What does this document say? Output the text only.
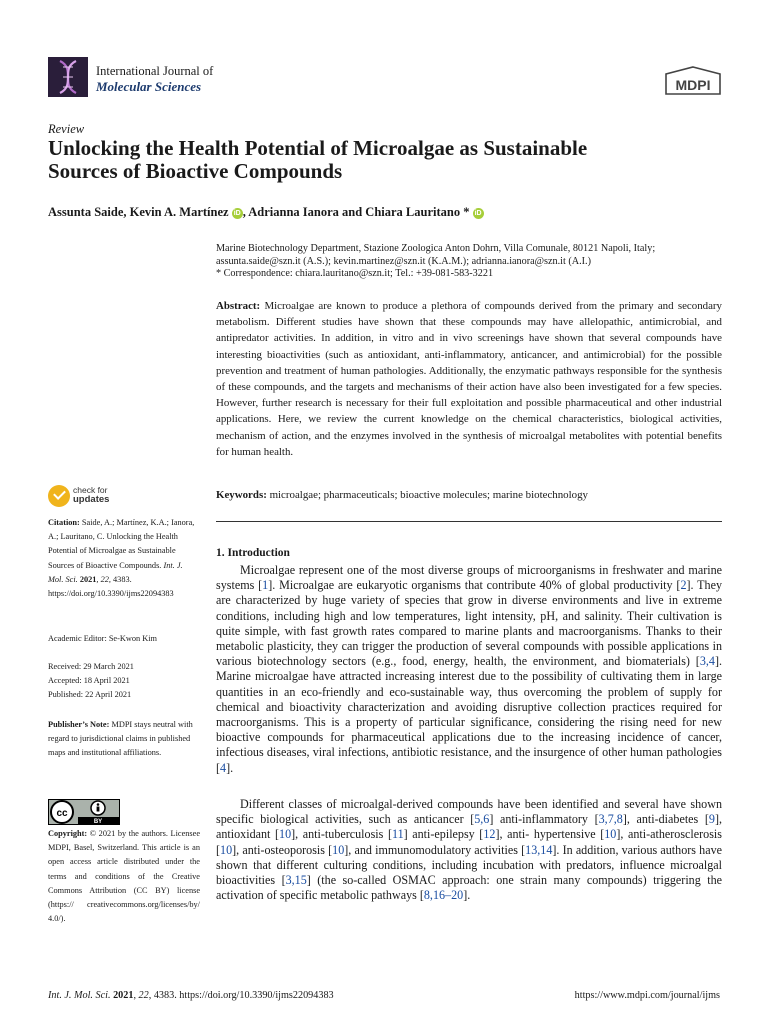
International Journal of
Molecular Sciences	MDPI
Review
Unlocking the Health Potential of Microalgae as Sustainable
Sources of Bioactive Compounds
Assunta Saide, Kevin A. Martínez iD , Adrianna Ianora and Chiara Lauritano * iD
Marine Biotechnology Department, Stazione Zoologica Anton Dohrn, Villa Comunale, 80121 Napoli, Italy;
assunta.saide@szn.it (A.S.); kevin.martinez@szn.it (K.A.M.); adrianna.ianora@szn.it (A.I.)
* Correspondence: chiara.lauritano@szn.it; Tel.: +39-081-583-3221
Abstract: Microalgae are known to produce a plethora of compounds derived from the primary and secondary metabolism. Different studies have shown that these compounds may have allelopathic, antimicrobial, and antipredator activities. In addition, in vitro and in vivo screenings have shown that several compounds have interesting bioactivities (such as antioxidant, anti-inflammatory, anticancer, and antimicrobial) for the possible prevention and treatment of human pathologies. Additionally, the enzymatic pathways responsible for the synthesis of these compounds, and the targets and mechanisms of their action have also been investigated for a few species. However, further research is necessary for their full exploitation and possible pharmaceutical and other industrial applications. Here, we review the current knowledge on the chemical characteristics, biological activities, mechanism of action, and the enzymes involved in the synthesis of microalgal metabolites with potential benefits for human health.
Keywords: microalgae; pharmaceuticals; bioactive molecules; marine biotechnology
check for
updates
Citation: Saide, A.; Martínez, K.A.; Ianora, A.; Lauritano, C. Unlocking the Health Potential of Microalgae as Sustainable Sources of Bioactive Compounds. Int. J. Mol. Sci. 2021, 22, 4383. https://doi.org/10.3390/ijms22094383
Academic Editor: Se-Kwon Kim
Received: 29 March 2021
Accepted: 18 April 2021
Published: 22 April 2021
Publisher’s Note: MDPI stays neutral with regard to jurisdictional claims in published maps and institutional affiliations.
cc
BY
Copyright: © 2021 by the authors. Licensee MDPI, Basel, Switzerland. This article is an open access article distributed under the terms and conditions of the Creative Commons Attribution (CC BY) license (https:// creativecommons.org/licenses/by/ 4.0/).
1. Introduction
Microalgae represent one of the most diverse groups of microorganisms in freshwater and marine systems [1]. Microalgae are eukaryotic organisms that contribute 40% of global productivity [2]. They are characterized by huge variety of species that grow in diverse environments and live in extreme conditions, including high and low temperatures, light intensity, pH, and salinity. Their cultivation is quite simple, with fast growth rates compared to marine plants and macroorganisms. Thanks to their metabolic plasticity, they can trigger the production of several compounds with possible applications in various biotechnology sectors (e.g., food, energy, health, the environment, and biomaterials) [3,4]. Marine microalgae have attracted increasing interest due to the possibility of cultivating them in large quantities in an eco-friendly and eco-sustainable way, thus overcoming the problem of supply for chemical and bioactivity characterization and avoiding disruptive collection practices required for macroorganisms. This is a property of particular significance, considering the rising need for new bioactive compounds for pharmaceutical applications due to the increasing incidence of cancer, infectious diseases, viral infections, antibiotic resistance, and the insurgence of other human pathologies [4].
Different classes of microalgal-derived compounds have been identified and several have shown specific biological activities, such as anticancer [5,6] anti-inflammatory [3,7,8], anti-diabetes [9], antioxidant [10], anti-tuberculosis [11] anti-epilepsy [12], anti- hypertensive [10], anti-atherosclerosis [10], anti-osteoporosis [10], and immunomodulatory activities [13,14]. In addition, various authors have shown that different culturing conditions, including incubation with predators, influence microalgal bioactivities [3,15] (the so-called OSMAC approach: one strain many compounds) triggering the activation of specific metabolic pathways [8,16–20].
Int. J. Mol. Sci. 2021, 22, 4383. https://doi.org/10.3390/ijms22094383	https://www.mdpi.com/journal/ijms
